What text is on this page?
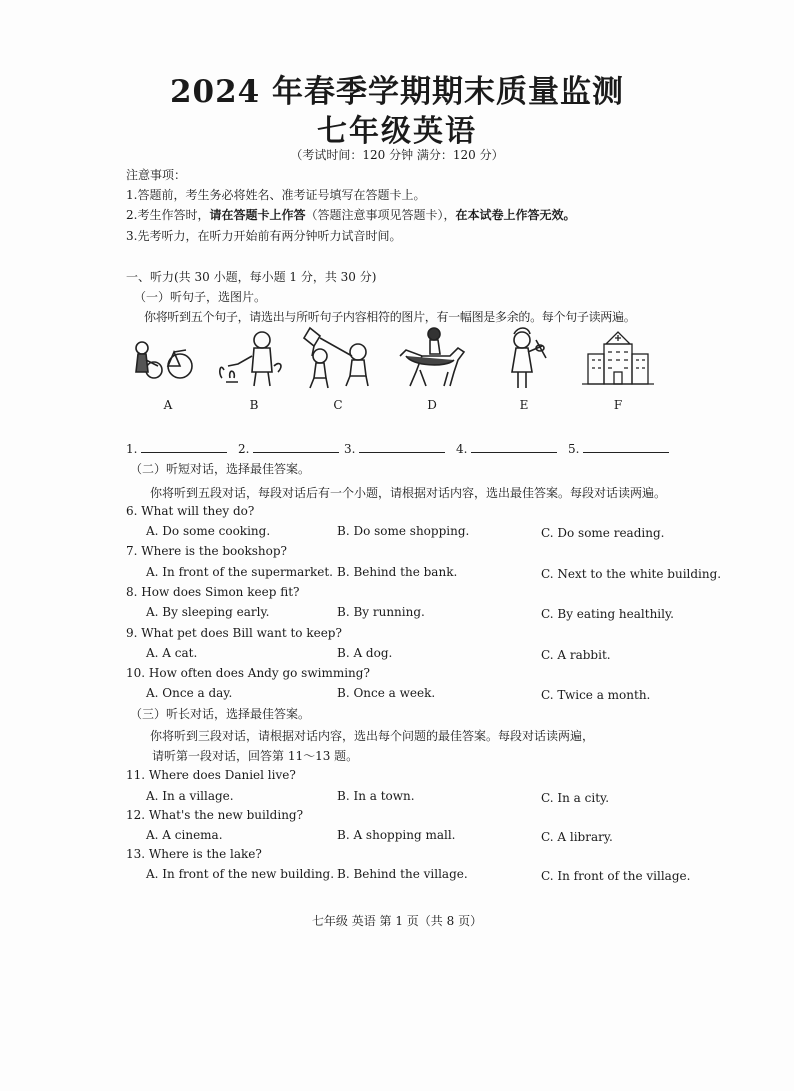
2024 年春季学期期末质量监测
七年级英语
（考试时间：120 分钟 满分：120 分）
注意事项：
1.答题前，考生务必将姓名、准考证号填写在答题卡上。
2.考生作答时，请在答题卡上作答（答题注意事项见答题卡），在本试卷上作答无效。
3.先考听力，在听力开始前有两分钟听力试音时间。
一、听力(共 30 小题，每小题 1 分，共 30 分)
（一）听句子，选图片。
你将听到五个句子，请选出与所听句子内容相符的图片，有一幅图是多余的。每个句子读两遍。
A	B	C	D	E	F
1.	2.	3.	4.	5.
（二）听短对话，选择最佳答案。
你将听到五段对话，每段对话后有一个小题，请根据对话内容，选出最佳答案。每段对话读两遍。
6. What will they do?
A. Do some cooking.	B. Do some shopping.	C. Do some reading.
7. Where is the bookshop?
A. In front of the supermarket. B. Behind the bank.	C. Next to the white building.
8. How does Simon keep fit?
A. By sleeping early.	B. By running.	C. By eating healthily.
9. What pet does Bill want to keep?
A. A cat.	B. A dog.	C. A rabbit.
10. How often does Andy go swimming?
A. Once a day.	B. Once a week.	C. Twice a month.
（三）听长对话，选择最佳答案。
你将听到三段对话，请根据对话内容，选出每个问题的最佳答案。每段对话读两遍，
请听第一段对话，回答第 11～13 题。
11. Where does Daniel live?
A. In a village.	B. In a town.	C. In a city.
12. What's the new building?
A. A cinema.	B. A shopping mall.	C. A library.
13. Where is the lake?
A. In front of the new building. B. Behind the village.	C. In front of the village.
七年级 英语 第 1 页（共 8 页）
